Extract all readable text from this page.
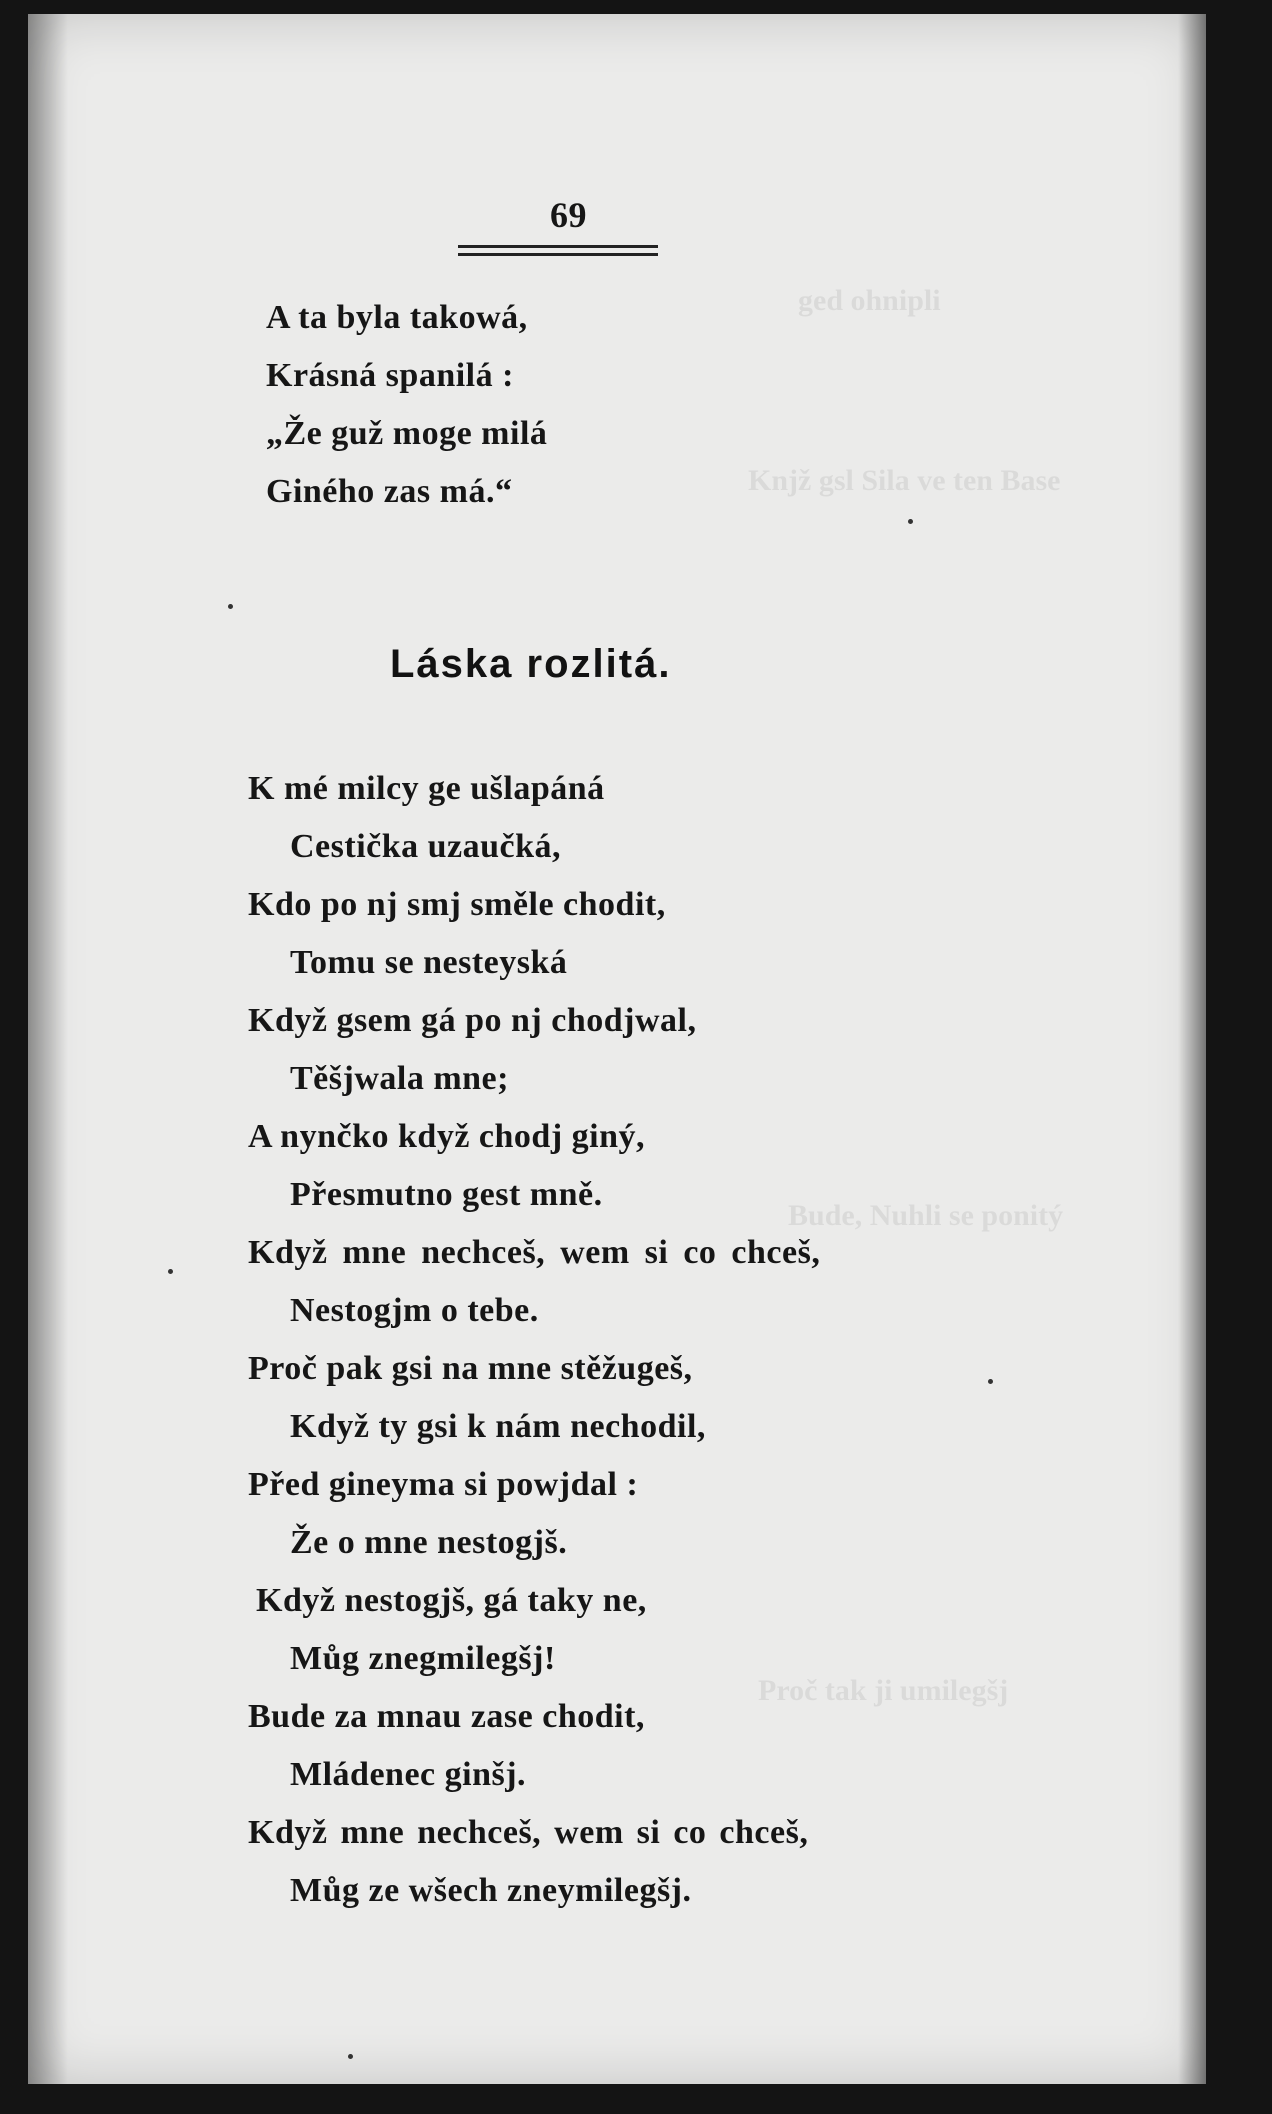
ged ohnipli
Knjž gsl Sila ve ten Base
Bude, Nuhli se ponitý
Proč tak ji umilegšj
69
A ta byla takowá,
Krásná spanilá :
„Že guž moge milá
Giného zas má.“
Láska rozlitá.
K mé milcy ge ušlapáná
Cestička uzaučká,
Kdo po nj smj směle chodit,
Tomu se nesteyská
Když gsem gá po nj chodjwal,
Těšjwala mne;
A nynčko když chodj giný,
Přesmutno gest mně.
Když mne nechceš, wem si co chceš,
Nestogjm o tebe.
Proč pak gsi na mne stěžugeš,
Když ty gsi k nám nechodil,
Před gineyma si powjdal :
Že o mne nestogjš.
Když nestogjš, gá taky ne,
Můg znegmilegšj!
Bude za mnau zase chodit,
Mládenec ginšj.
Když mne nechceš, wem si co chceš,
Můg ze wšech zneymilegšj.
